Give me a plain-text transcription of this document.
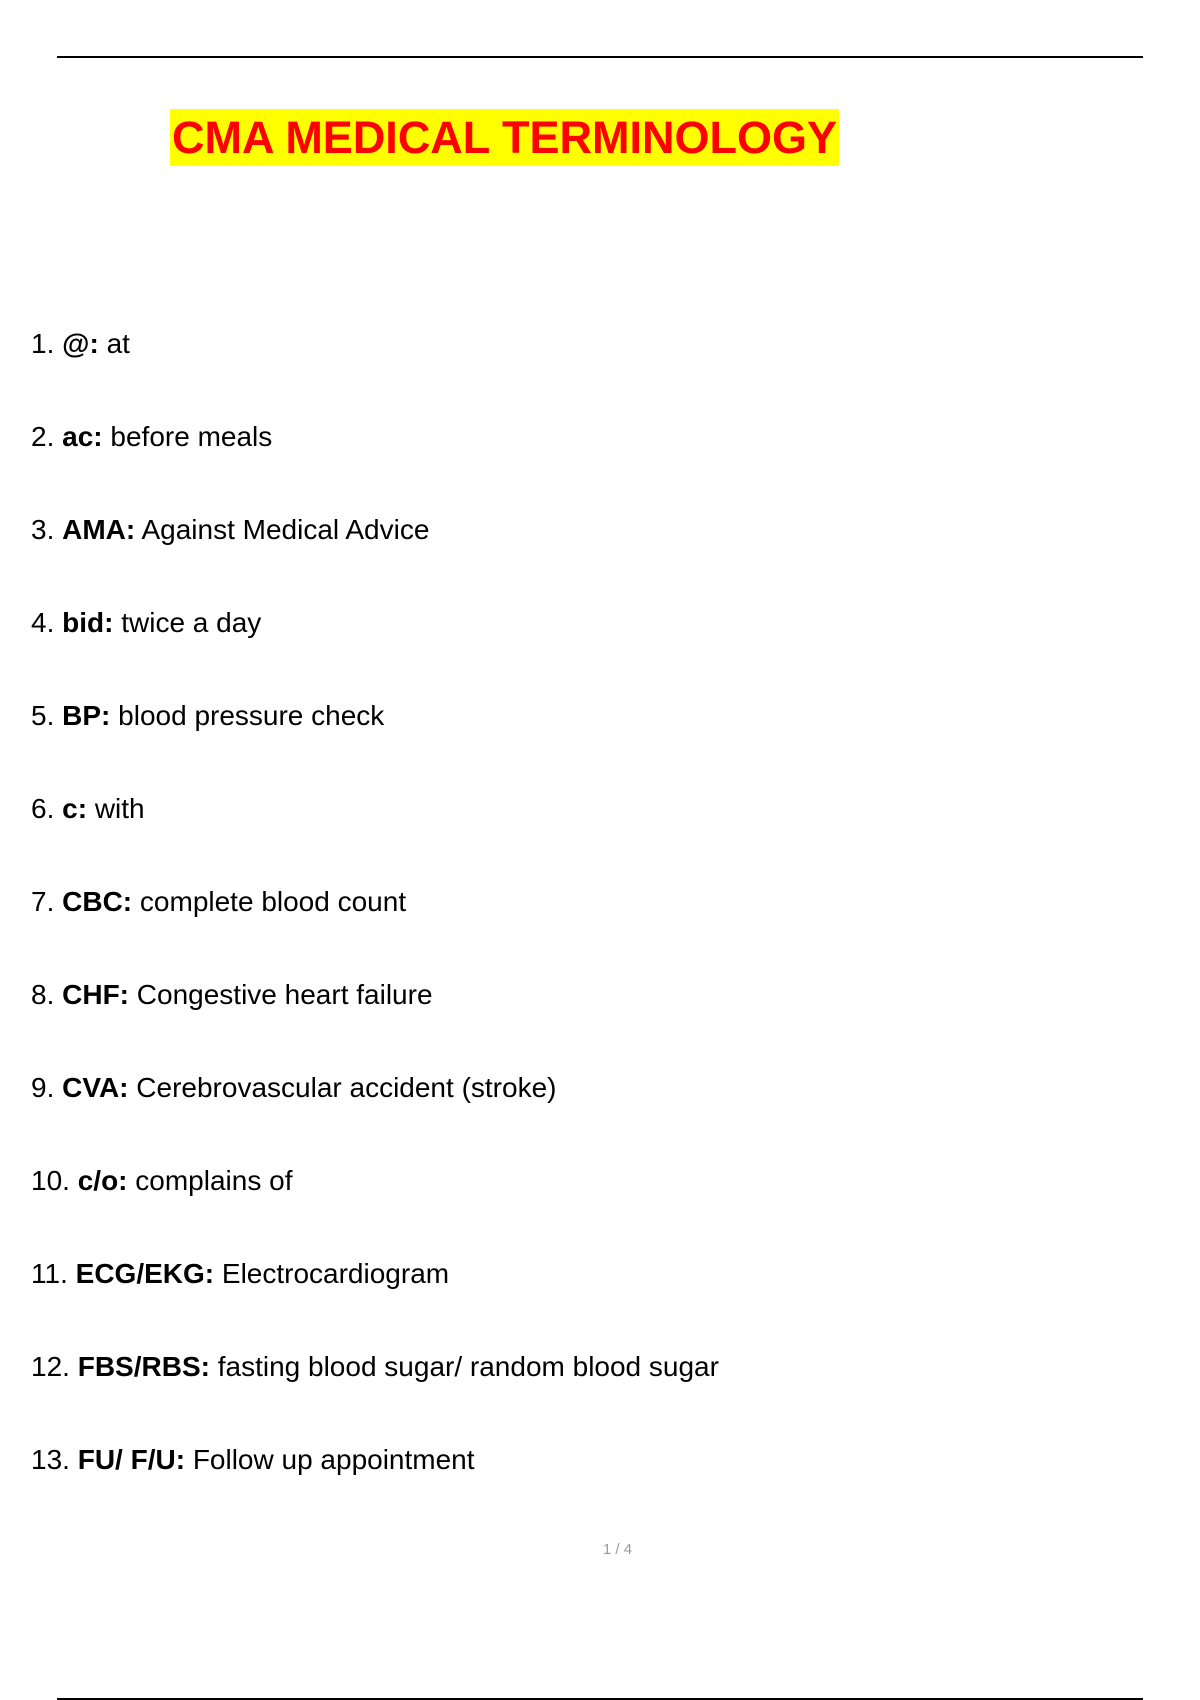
CMA MEDICAL TERMINOLOGY
1. @: at
2. ac: before meals
3. AMA: Against Medical Advice
4. bid: twice a day
5. BP: blood pressure check
6. c: with
7. CBC: complete blood count
8. CHF: Congestive heart failure
9. CVA: Cerebrovascular accident (stroke)
10. c/o: complains of
11. ECG/EKG: Electrocardiogram
12. FBS/RBS: fasting blood sugar/ random blood sugar
13. FU/ F/U: Follow up appointment
1 / 4
